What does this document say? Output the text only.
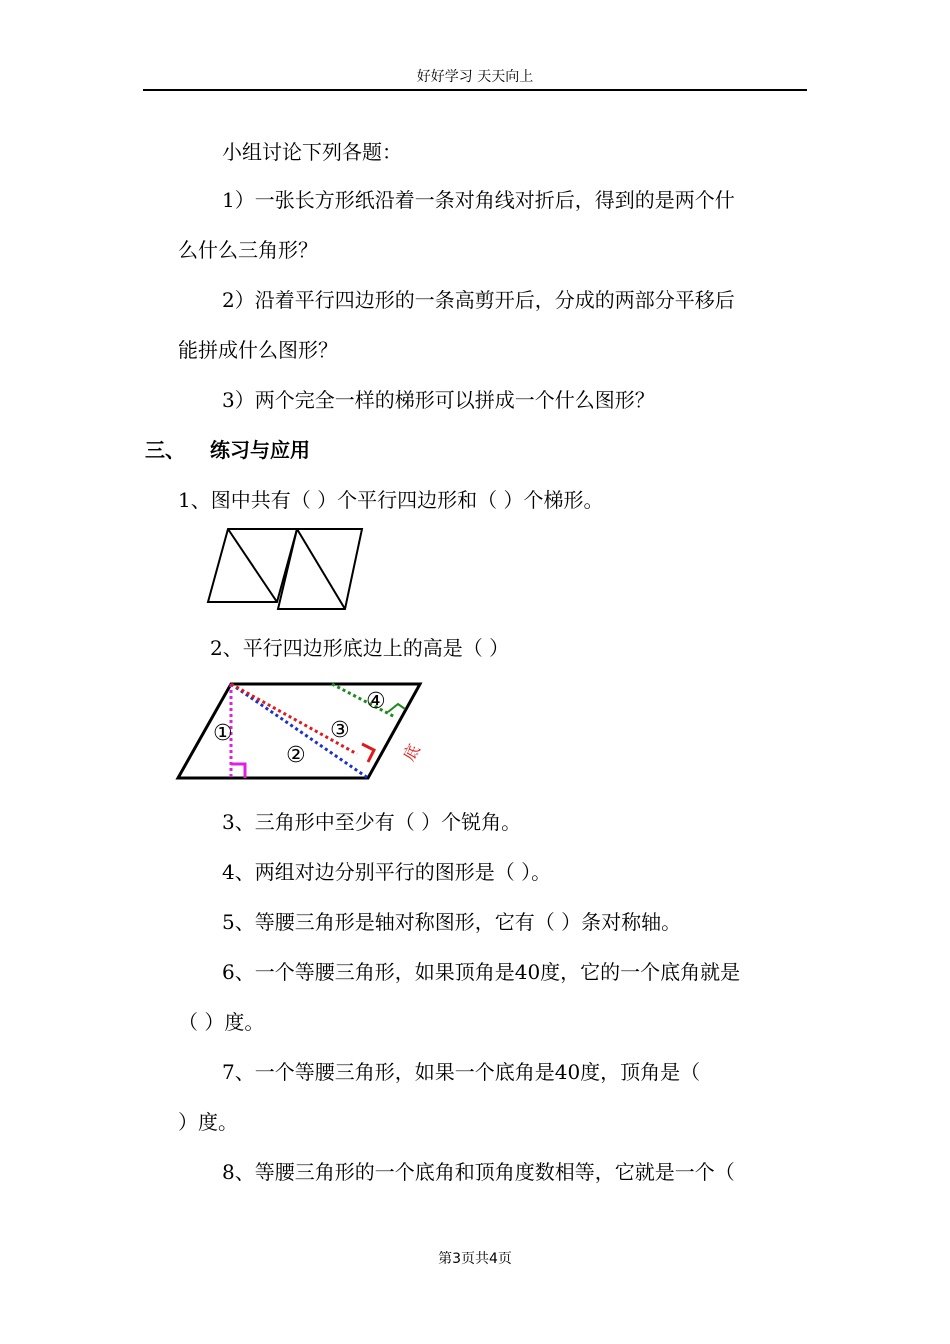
好好学习 天天向上
小组讨论下列各题：
1）一张长方形纸沿着一条对角线对折后，得到的是两个什
么什么三角形？
2）沿着平行四边形的一条高剪开后，分成的两部分平移后
能拼成什么图形？
3）两个完全一样的梯形可以拼成一个什么图形？
三、 练习与应用
1、图中共有（ ）个平行四边形和（ ）个梯形。
2、平行四边形底边上的高是（ ）
①
②
③
④
底
3、三角形中至少有（ ）个锐角。
4、两组对边分别平行的图形是（ ）。
5、等腰三角形是轴对称图形，它有（ ）条对称轴。
6、一个等腰三角形，如果顶角是40度，它的一个底角就是
（ ）度。
7、一个等腰三角形，如果一个底角是40度，顶角是（
）度。
8、等腰三角形的一个底角和顶角度数相等，它就是一个（
第3页共4页
